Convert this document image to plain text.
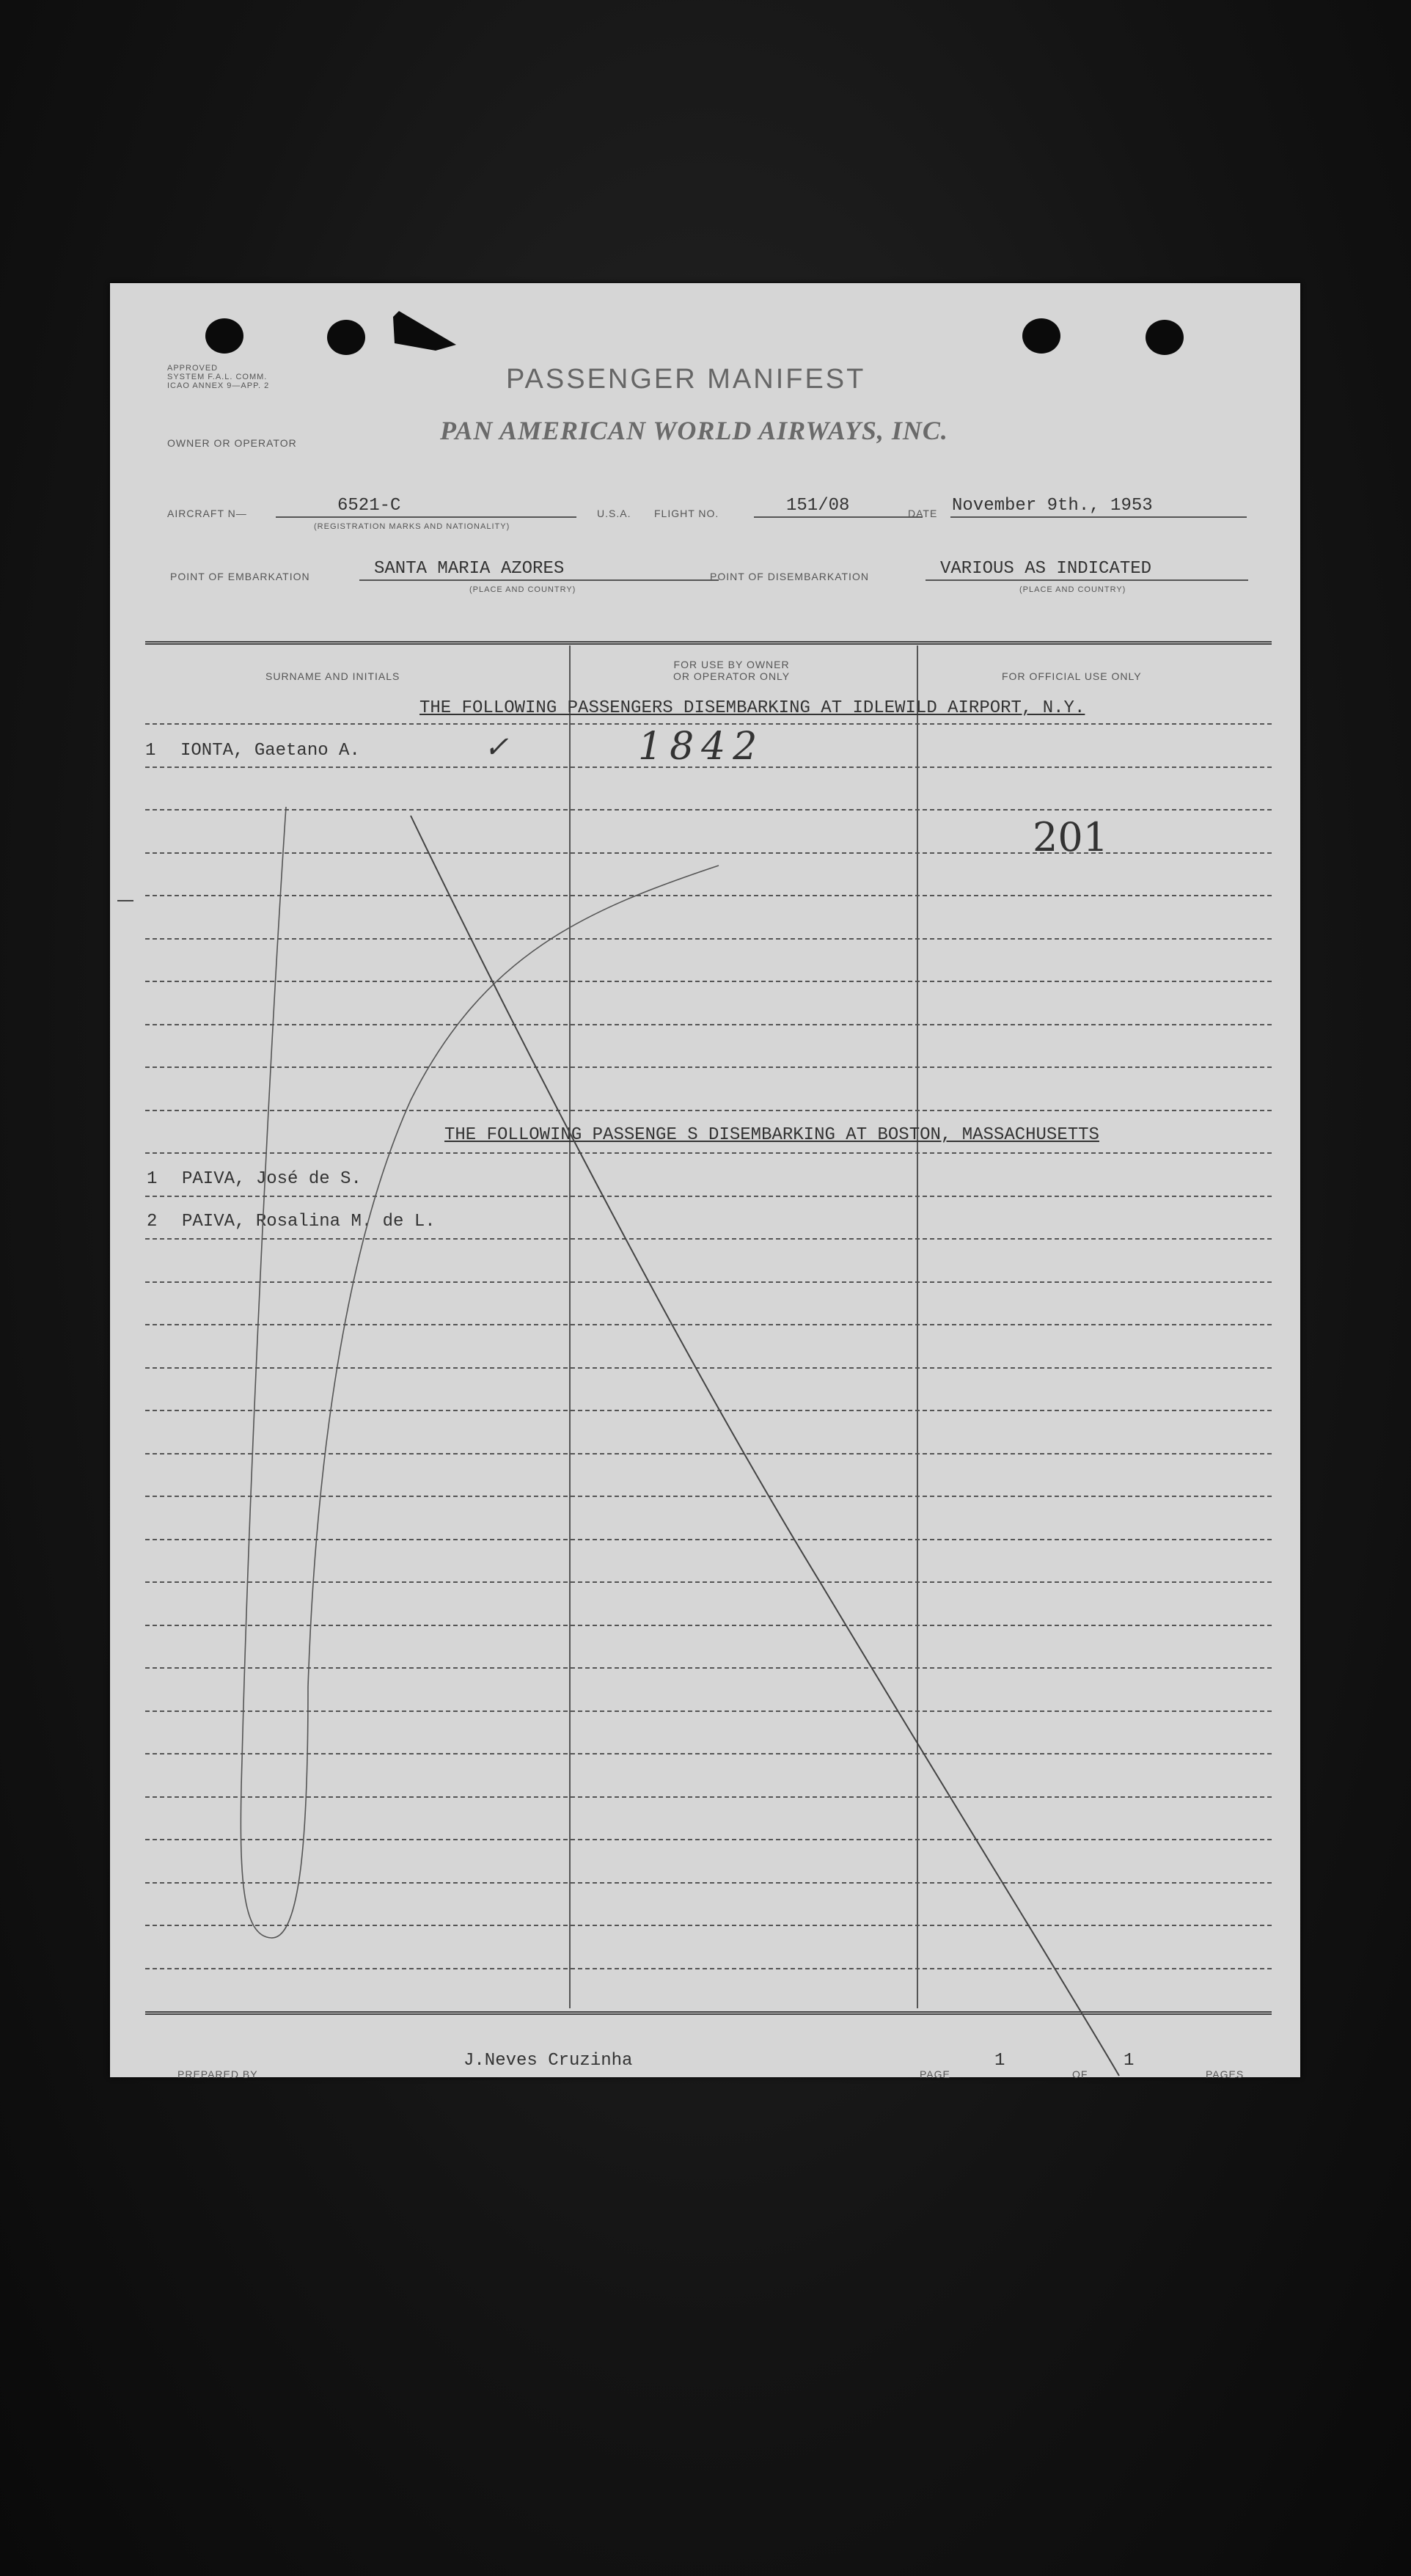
APPROVED
SYSTEM F.A.L. COMM.
ICAO ANNEX 9—APP. 2	PASSENGER MANIFEST
OWNER OR OPERATOR	PAN AMERICAN WORLD AIRWAYS, INC.
AIRCRAFT N—	6521-C
(REGISTRATION MARKS AND NATIONALITY)
U.S.A. FLIGHT NO.	151/08	DATE November 9th., 1953
POINT OF EMBARKATION	SANTA MARIA AZORES
(PLACE AND COUNTRY)
POINT OF DISEMBARKATION	VARIOUS AS INDICATED
(PLACE AND COUNTRY)
SURNAME AND INITIALS
FOR USE BY OWNER
OR OPERATOR ONLY	FOR OFFICIAL USE ONLY
THE FOLLOWING PASSENGERS DISEMBARKING AT IDLEWILD AIRPORT, N.Y.
1 IONTA, Gaetano A.	✓	1842
201
THE FOLLOWING PASSENGE S DISEMBARKING AT BOSTON, MASSACHUSETTS
1 PAIVA, José de S.
2 PAIVA, Rosalina M. de L.
PREPARED BY
J.Neves Cruzinha
PAGE
1
OF
1
PAGES
